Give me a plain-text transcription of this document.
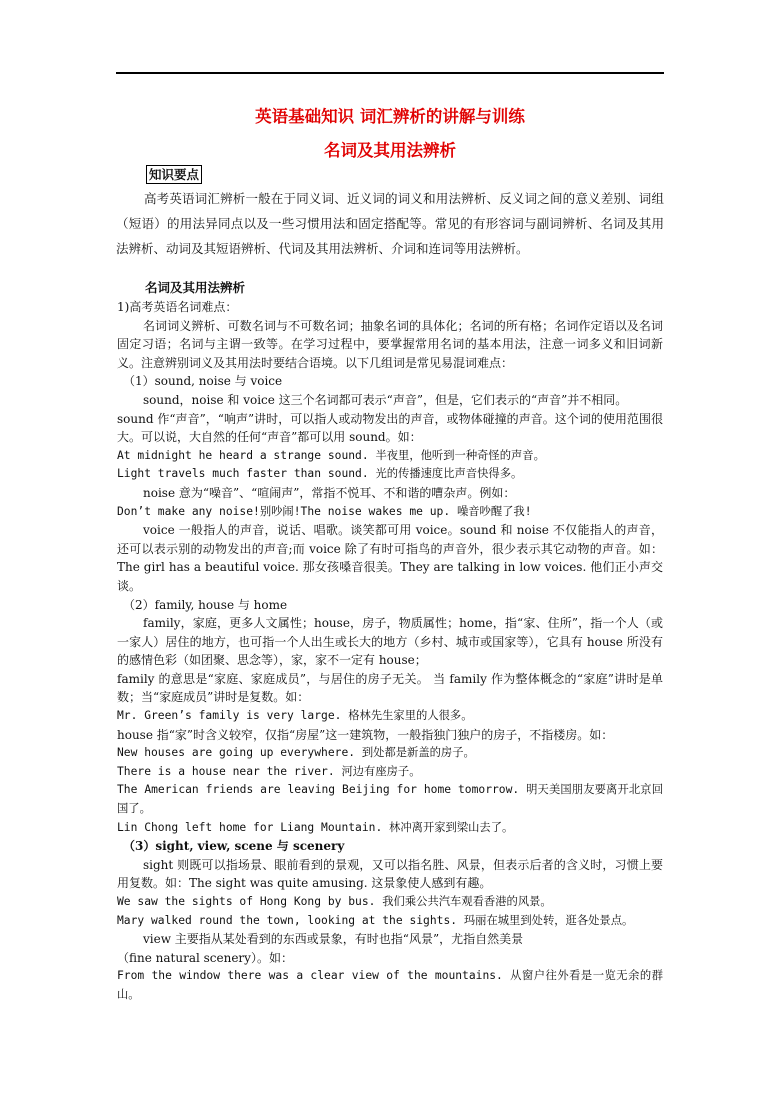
英语基础知识 词汇辨析的讲解与训练
名词及其用法辨析
知识要点

高考英语词汇辨析一般在于同义词、近义词的词义和用法辨析、反义词之间的意义差别、词组（短语）的用法异同点以及一些习惯用法和固定搭配等。常见的有形容词与副词辨析、名词及其用法辨析、动词及其短语辨析、代词及其用法辨析、介词和连词等用法辨析。

名词及其用法辨析

1)高考英语名词难点：

名词词义辨析、可数名词与不可数名词；抽象名词的具体化；名词的所有格；名词作定语以及名词固定习语；名词与主谓一致等。在学习过程中，要掌握常用名词的基本用法，注意一词多义和旧词新义。注意辨别词义及其用法时要结合语境。以下几组词是常见易混词难点：

（1）sound, noise 与 voice

sound，noise 和 voice 这三个名词都可表示“声音”，但是，它们表示的“声音”并不相同。

sound 作“声音”，“响声”讲时，可以指人或动物发出的声音，或物体碰撞的声音。这个词的使用范围很大。可以说，大自然的任何“声音”都可以用 sound。如：

At midnight he heard a strange sound. 半夜里，他听到一种奇怪的声音。

Light travels much faster than sound. 光的传播速度比声音快得多。

noise 意为“噪音”、“喧闹声”，常指不悦耳、不和谐的嘈杂声。例如：

Don’t make any noise!别吵闹!The noise wakes me up. 噪音吵醒了我!

voice 一般指人的声音，说话、唱歌。谈笑都可用 voice。sound 和 noise 不仅能指人的声音，还可以表示别的动物发出的声音;而 voice 除了有时可指鸟的声音外，很少表示其它动物的声音。如：The girl has a beautiful voice. 那女孩嗓音很美。They are talking in low voices. 他们正小声交谈。

（2）family, house 与 home

family，家庭，更多人文属性；house，房子，物质属性；home，指“家、住所”，指一个人（或一家人）居住的地方，也可指一个人出生或长大的地方（乡村、城市或国家等），它具有 house 所没有的感情色彩（如团聚、思念等），家，家不一定有 house；

family 的意思是“家庭、家庭成员”，与居住的房子无关。 当 family 作为整体概念的“家庭”讲时是单数；当“家庭成员”讲时是复数。如：

Mr. Green’s family is very large. 格林先生家里的人很多。

house 指“家”时含义较窄，仅指“房屋”这一建筑物，一般指独门独户的房子，不指楼房。如：

New houses are going up everywhere. 到处都是新盖的房子。

There is a house near the river. 河边有座房子。

The American friends are leaving Beijing for home tomorrow. 明天美国朋友要离开北京回国了。

Lin Chong left home for Liang Mountain. 林冲离开家到梁山去了。

（3）sight, view, scene 与 scenery

sight 则既可以指场景、眼前看到的景观，又可以指名胜、风景，但表示后者的含义时，习惯上要用复数。如：The sight was quite amusing. 这景象使人感到有趣。

We saw the sights of Hong Kong by bus. 我们乘公共汽车观看香港的风景。

Mary walked round the town, looking at the sights. 玛丽在城里到处转，逛各处景点。

view 主要指从某处看到的东西或景象，有时也指“风景”，尤指自然美景

（fine natural scenery）。如：

From the window there was a clear view of the mountains. 从窗户往外看是一览无余的群山。
